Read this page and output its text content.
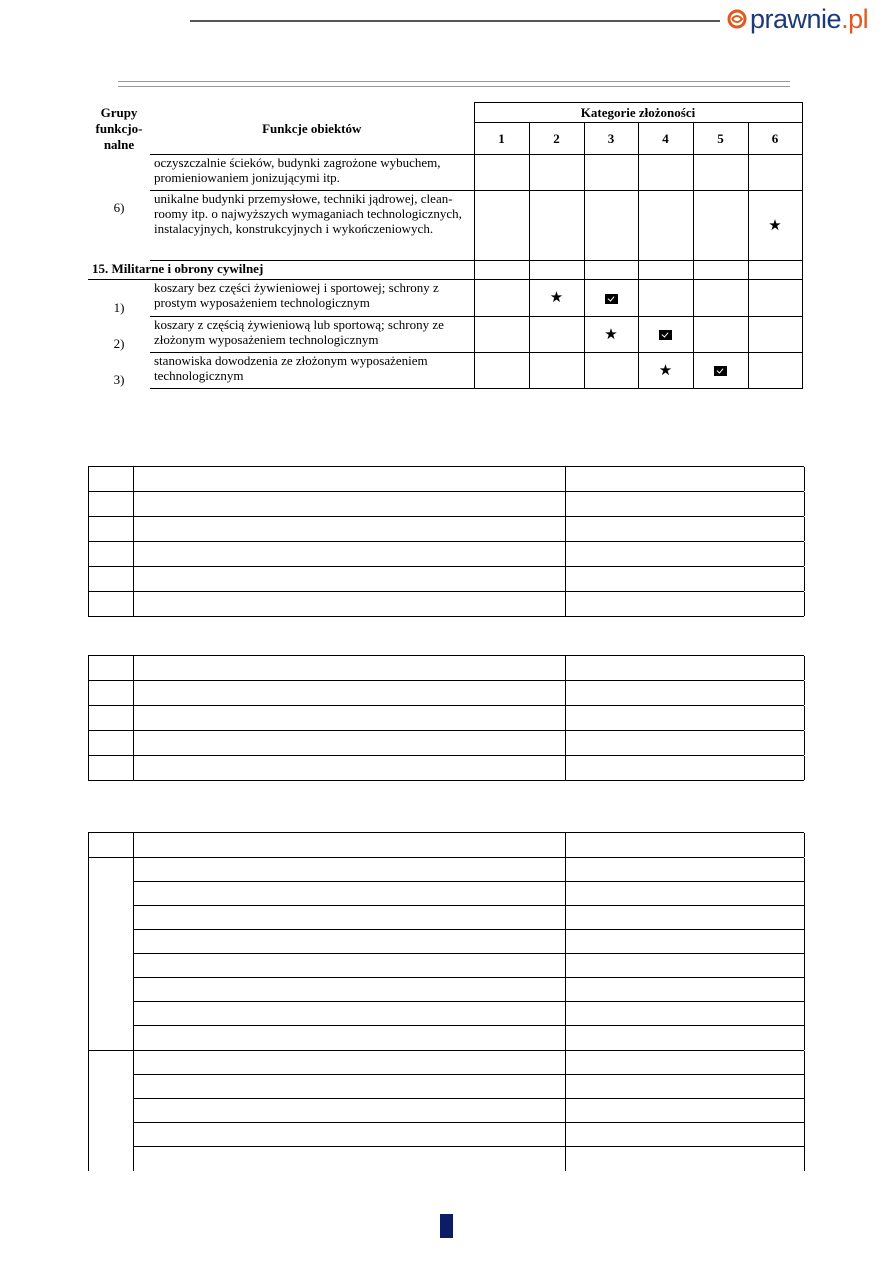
prawnie .pl
Grupy funkcjo-nalne	Funkcje obiektów	Kategorie złożoności					
		1	2	3	4	5	6
6)	oczyszczalnie ścieków, budynki zagrożone wybuchem, promieniowaniem jonizującymi itp.						
	unikalne budynki przemysłowe, techniki jądrowej, clean-roomy itp. o najwyższych wymaganiach technologicznych, instalacyjnych, konstrukcyjnych i wykończeniowych.						★
15. Militarne i obrony cywilnej							
1)	koszary bez części żywieniowej i sportowej; schrony z prostym wyposażeniem technologicznym		★				
2)	koszary z częścią żywieniową lub sportową; schrony ze złożonym wyposażeniem technologicznym			★			
3)	stanowiska dowodzenia ze złożonym wyposażeniem technologicznym				★		
